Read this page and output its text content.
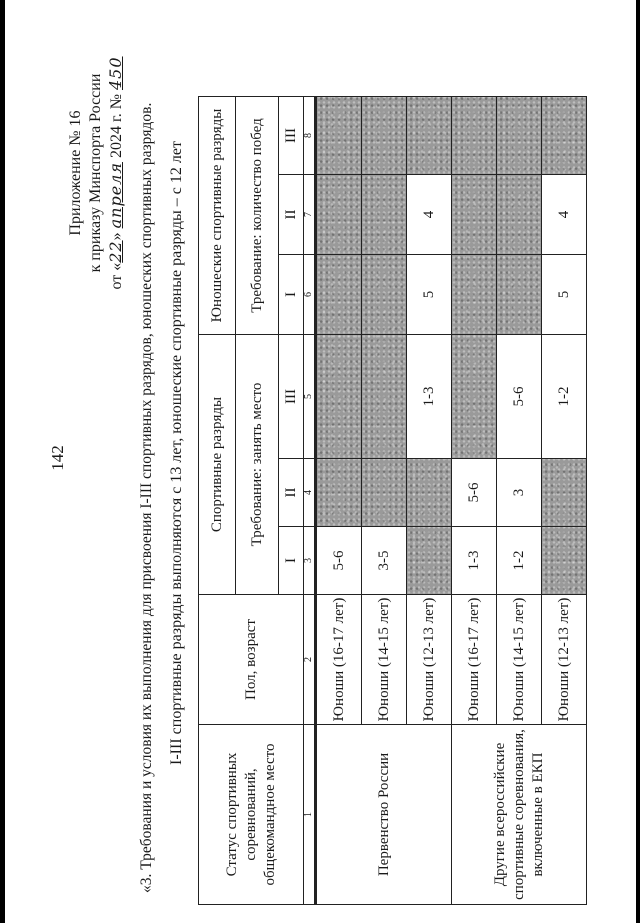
142
Приложение № 16 к приказу Минспорта России
от «22» апреля 2024 г. № 450
«3. Требования и условия их выполнения для присвоения I-III спортивных разрядов, юношеских спортивных разрядов. I-III спортивные разряды выполняются с 13 лет, юношеские спортивные разряды – с 12 лет
Статус спортивных соревнований, общекомандное место	Пол, возраст	Спортивные разряды			Юношеские спортивные разряды		
		Требование: занять место			Требование: количество побед		
		I	II	III	I	II	III
1	2	3	4	5	6	7	8
Первенство России	Юноши (16-17 лет)	5-6					
	Юноши (14-15 лет)	3-5					
	Юноши (12-13 лет)			1-3	5	4	
Другие всероссийские спортивные соревнования, включенные в ЕКП	Юноши (16-17 лет)	1-3	5-6				
	Юноши (14-15 лет)	1-2	3	5-6			
	Юноши (12-13 лет)			1-2	5	4	
